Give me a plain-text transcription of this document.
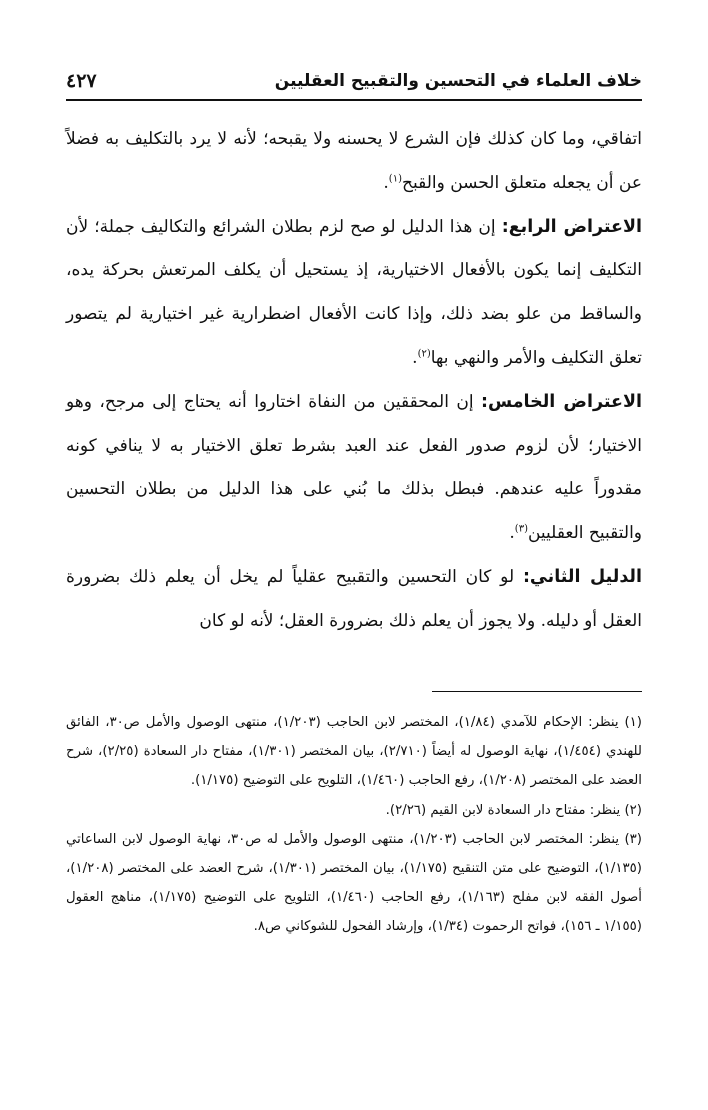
خلاف العلماء في التحسين والتقبيح العقليين
٤٢٧

اتفاقي، وما كان كذلك فإن الشرع لا يحسنه ولا يقبحه؛ لأنه لا يرد بالتكليف به فضلاً عن أن يجعله متعلق الحسن والقبح$^{(١)}$.

الاعتراض الرابع: إن هذا الدليل لو صح لزم بطلان الشرائع والتكاليف جملة؛ لأن التكليف إنما يكون بالأفعال الاختيارية، إذ يستحيل أن يكلف المرتعش بحركة يده، والساقط من علو بضد ذلك، وإذا كانت الأفعال اضطرارية غير اختيارية لم يتصور تعلق التكليف والأمر والنهي بها$^{(٢)}$.

الاعتراض الخامس: إن المحققين من النفاة اختاروا أنه يحتاج إلى مرجح، وهو الاختيار؛ لأن لزوم صدور الفعل عند العبد بشرط تعلق الاختيار به لا ينافي كونه مقدوراً عليه عندهم. فبطل بذلك ما بُني على هذا الدليل من بطلان التحسين والتقبيح العقليين$^{(٣)}$.

الدليل الثاني: لو كان التحسين والتقبيح عقلياً لم يخل أن يعلم ذلك بضرورة العقل أو دليله. ولا يجوز أن يعلم ذلك بضرورة العقل؛ لأنه لو كان

(١) ينظر: الإحكام للآمدي (١/٨٤)، المختصر لابن الحاجب (١/٢٠٣)، منتهى الوصول والأمل ص٣٠، الفائق للهندي (١/٤٥٤)، نهاية الوصول له أيضاً (٢/٧١٠)، بيان المختصر (١/٣٠١)، مفتاح دار السعادة (٢/٢٥)، شرح العضد على المختصر (١/٢٠٨)، رفع الحاجب (١/٤٦٠)، التلويح على التوضيح (١/١٧٥).

(٢) ينظر: مفتاح دار السعادة لابن القيم (٢/٢٦).

(٣) ينظر: المختصر لابن الحاجب (١/٢٠٣)، منتهى الوصول والأمل له ص٣٠، نهاية الوصول لابن الساعاتي (١/١٣٥)، التوضيح على متن التنقيح (١/١٧٥)، بيان المختصر (١/٣٠١)، شرح العضد على المختصر (١/٢٠٨)، أصول الفقه لابن مفلح (١/١٦٣)، رفع الحاجب (١/٤٦٠)، التلويح على التوضيح (١/١٧٥)، مناهج العقول (١/١٥٥ ـ ١٥٦)، فواتح الرحموت (١/٣٤)، وإرشاد الفحول للشوكاني ص٨.
